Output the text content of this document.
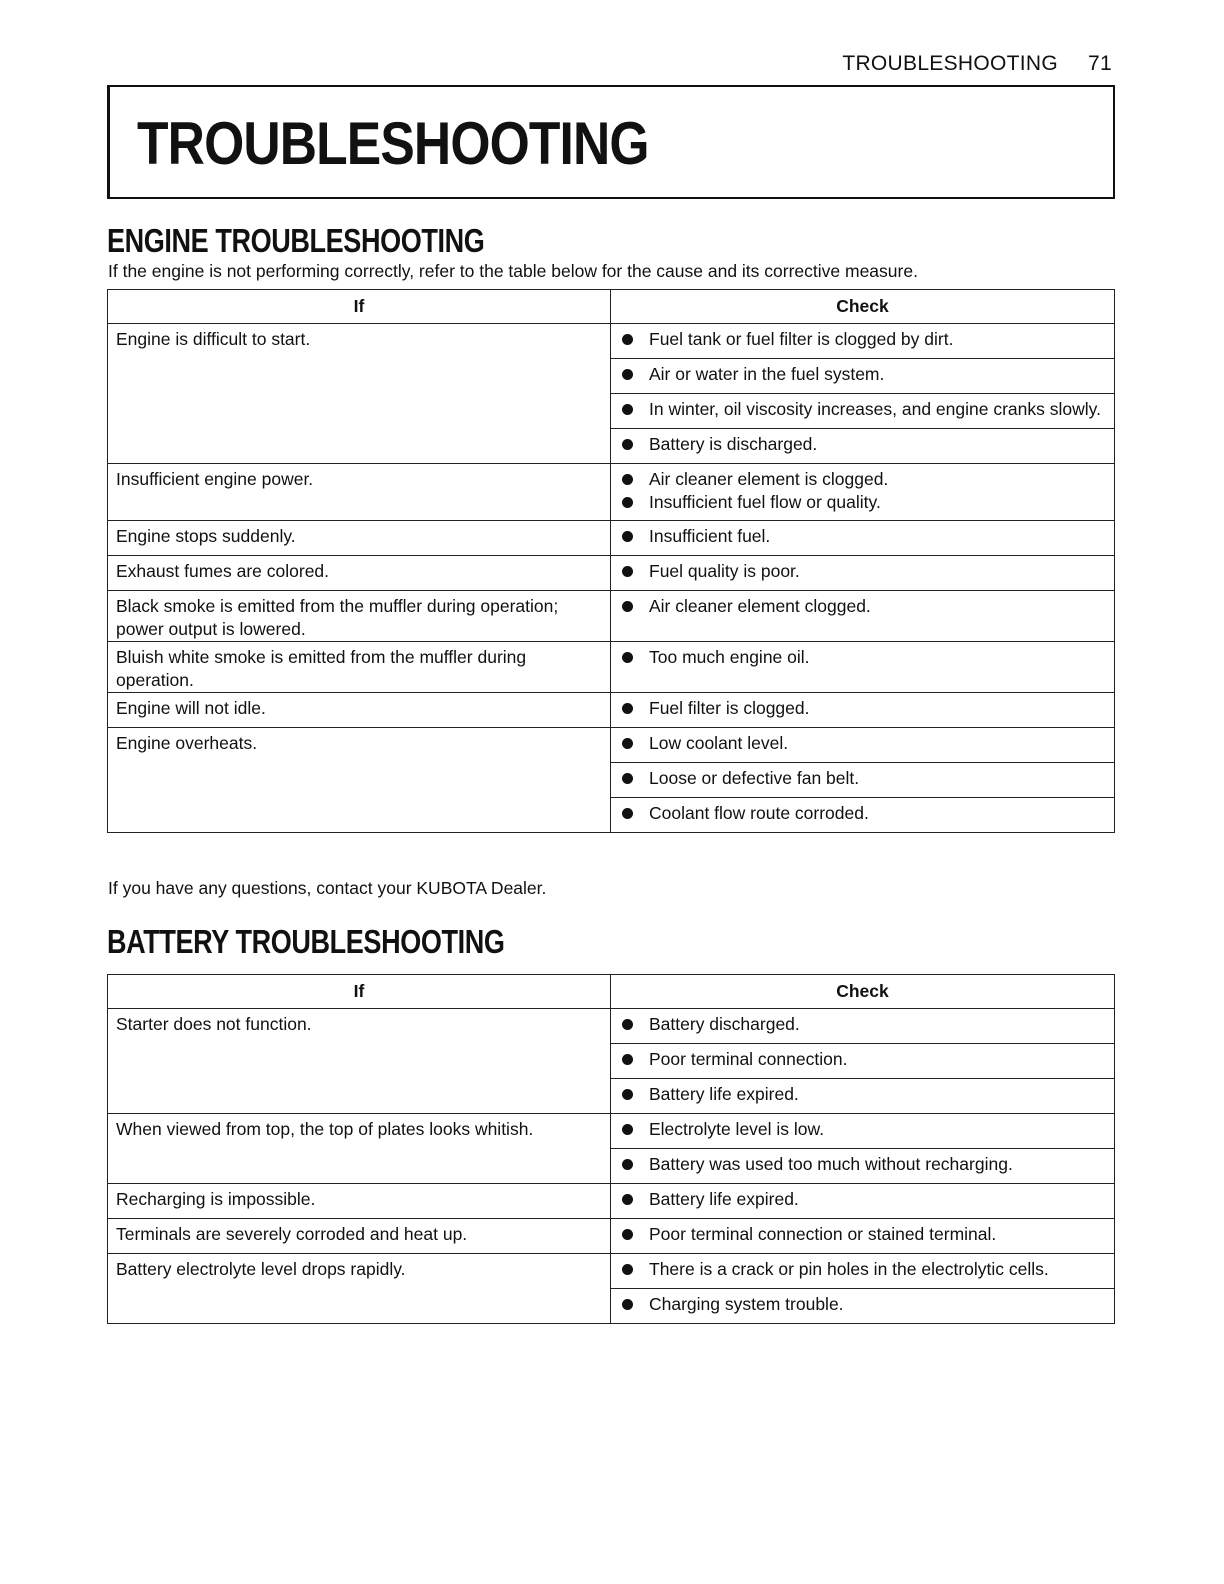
TROUBLESHOOTING 71
TROUBLESHOOTING
ENGINE TROUBLESHOOTING
If the engine is not performing correctly, refer to the table below for the cause and its corrective measure.
If	Check
Engine is difficult to start.	Fuel tank or fuel filter is clogged by dirt.

	Air or water in the fuel system.

	In winter, oil viscosity increases, and engine cranks slowly.

	Battery is discharged.

Insufficient engine power.	Air cleaner element is clogged.
Insufficient fuel flow or quality.

Engine stops suddenly.	Insufficient fuel.

Exhaust fumes are colored.	Fuel quality is poor.

Black smoke is emitted from the muffler during operation; power output is lowered.	Air cleaner element clogged.

Bluish white smoke is emitted from the muffler during operation.	Too much engine oil.

Engine will not idle.	Fuel filter is clogged.

Engine overheats.	Low coolant level.

	Loose or defective fan belt.

	Coolant flow route corroded.
If you have any questions, contact your KUBOTA Dealer.
BATTERY TROUBLESHOOTING
If	Check
Starter does not function.	Battery discharged.

	Poor terminal connection.

	Battery life expired.

When viewed from top, the top of plates looks whitish.	Electrolyte level is low.

	Battery was used too much without recharging.

Recharging is impossible.	Battery life expired.

Terminals are severely corroded and heat up.	Poor terminal connection or stained terminal.

Battery electrolyte level drops rapidly.	There is a crack or pin holes in the electrolytic cells.

	Charging system trouble.
